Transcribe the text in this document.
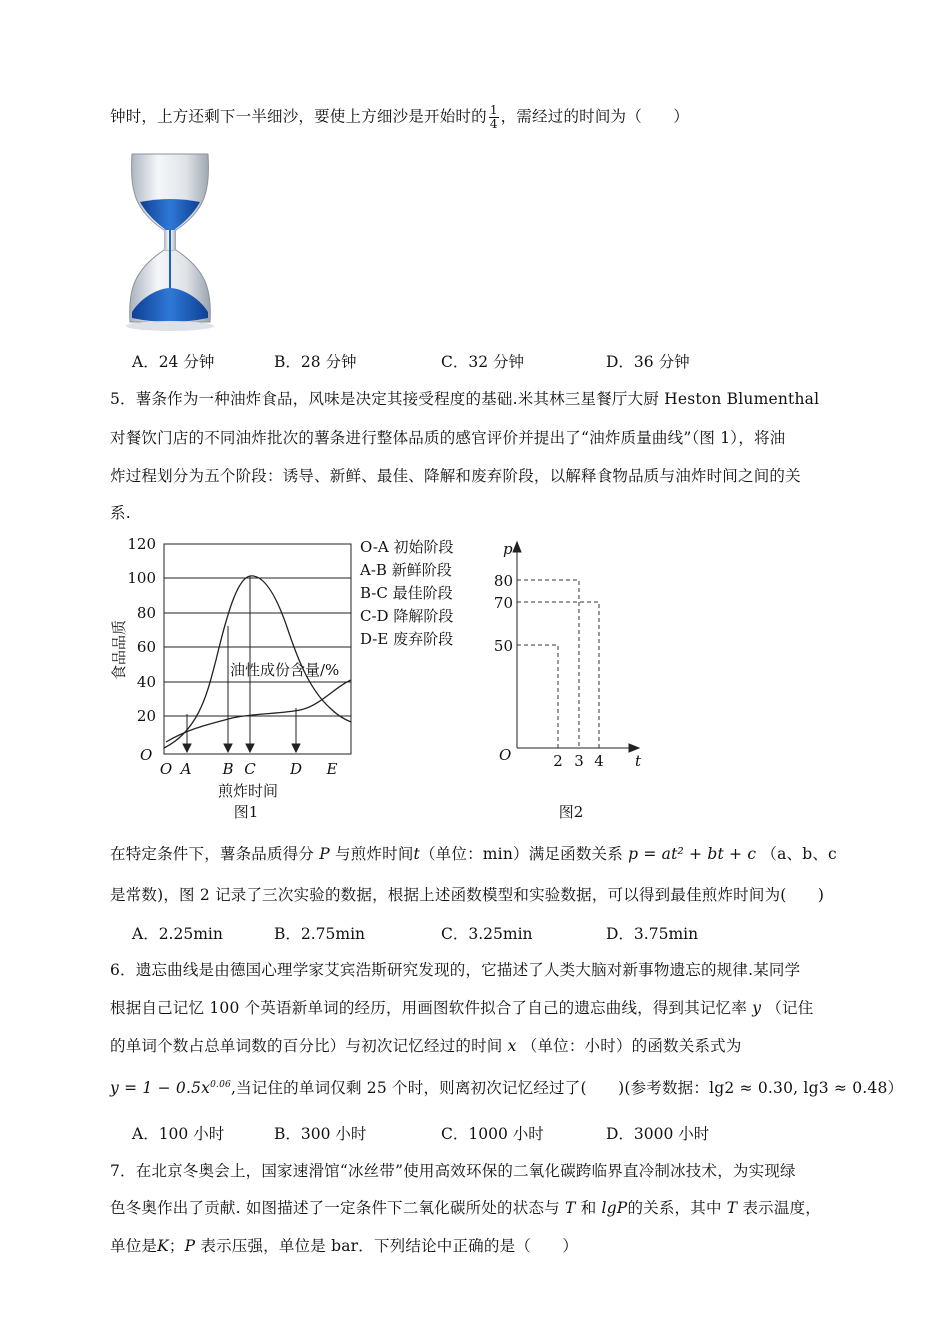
钟时，上方还剩下一半细沙，要使上方细沙是开始时的 $\frac{1}{4}$ ，需经过的时间为（　　）
A．24 分钟	B．28 分钟	C．32 分钟	D．36 分钟
5．薯条作为一种油炸食品，风味是决定其接受程度的基础.米其林三星餐厅大厨 Heston Blumenthal
对餐饮门店的不同油炸批次的薯条进行整体品质的感官评价并提出了“油炸质量曲线”（图 1），将油
炸过程划分为五个阶段：诱导、新鲜、最佳、降解和废弃阶段，以解释食物品质与油炸时间之间的关
系.
120
100
80
60
40
20
O
食品品质
O A B C D E
煎炸时间
图1
油性成份含量/%
O-A 初始阶段
A-B 新鲜阶段
B-C 最佳阶段
C-D 降解阶段
D-E 废弃阶段
p
80
70
50
O	2 3 4 t
图2
在特定条件下，薯条品质得分 P 与煎炸时间t（单位：min）满足函数关系 p = at² + bt + c （a、b、c
是常数)，图 2 记录了三次实验的数据，根据上述函数模型和实验数据，可以得到最佳煎炸时间为(　　)
A．2.25min	B．2.75min	C．3.25min	D．3.75min
6．遗忘曲线是由德国心理学家艾宾浩斯研究发现的，它描述了人类大脑对新事物遗忘的规律.某同学
根据自己记忆 100 个英语新单词的经历，用画图软件拟合了自己的遗忘曲线，得到其记忆率 y （记住
的单词个数占总单词数的百分比）与初次记忆经过的时间 x （单位：小时）的函数关系式为
$y = 1 - 0.5x^{0.06}$,当记住的单词仅剩 25 个时，则离初次记忆经过了(　　)(参考数据：lg2 ≈ 0.30, lg3 ≈ 0.48）
A．100 小时	B．300 小时	C．1000 小时	D．3000 小时
7．在北京冬奥会上，国家速滑馆“冰丝带”使用高效环保的二氧化碳跨临界直冷制冰技术，为实现绿
色冬奥作出了贡献. 如图描述了一定条件下二氧化碳所处的状态与 T 和 lgP的关系，其中 T 表示温度，
单位是K；P 表示压强，单位是 bar．下列结论中正确的是（　　）
